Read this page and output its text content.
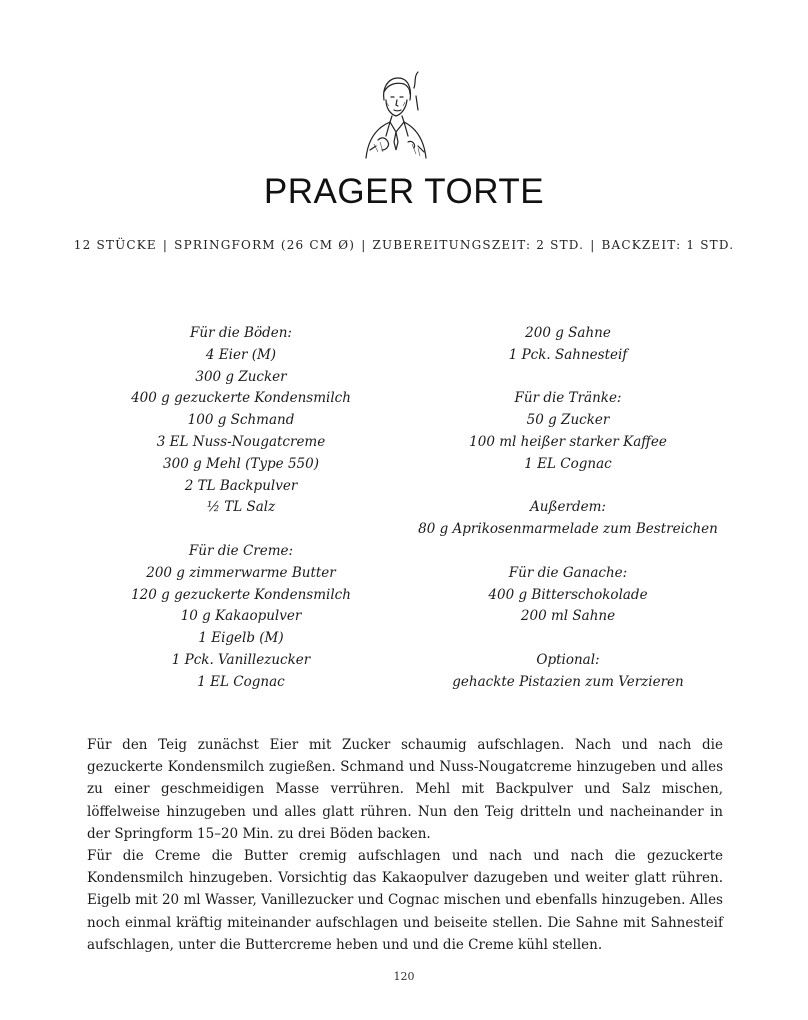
PRAGER TORTE
12 STÜCKE | SPRINGFORM (26 CM Ø) | ZUBEREITUNGSZEIT: 2 STD. | BACKZEIT: 1 STD.
Für die Böden:
4 Eier (M)
300 g Zucker
400 g gezuckerte Kondensmilch
100 g Schmand
3 EL Nuss-Nougatcreme
300 g Mehl (Type 550)
2 TL Backpulver
½ TL Salz
Für die Creme:
200 g zimmerwarme Butter
120 g gezuckerte Kondensmilch
10 g Kakaopulver
1 Eigelb (M)
1 Pck. Vanillezucker
1 EL Cognac
200 g Sahne
1 Pck. Sahnesteif
Für die Tränke:
50 g Zucker
100 ml heißer starker Kaffee
1 EL Cognac
Außerdem:
80 g Aprikosenmarmelade zum Bestreichen
Für die Ganache:
400 g Bitterschokolade
200 ml Sahne
Optional:
gehackte Pistazien zum Verzieren

Für den Teig zunächst Eier mit Zucker schaumig aufschlagen. Nach und nach die gezuckerte Kondensmilch zugießen. Schmand und Nuss-Nougatcreme hinzugeben und alles zu einer geschmeidigen Masse verrühren. Mehl mit Backpulver und Salz mischen, löffelweise hinzugeben und alles glatt rühren. Nun den Teig dritteln und nacheinander in der Springform 15–20 Min. zu drei Böden backen.

Für die Creme die Butter cremig aufschlagen und nach und nach die gezuckerte Kondensmilch hinzugeben. Vorsichtig das Kakaopulver dazugeben und weiter glatt rühren. Eigelb mit 20 ml Wasser, Vanillezucker und Cognac mischen und ebenfalls hinzugeben. Alles noch einmal kräftig miteinander aufschlagen und beiseite stellen. Die Sahne mit Sahnesteif aufschlagen, unter die Buttercreme heben und und die Creme kühl stellen.

120
